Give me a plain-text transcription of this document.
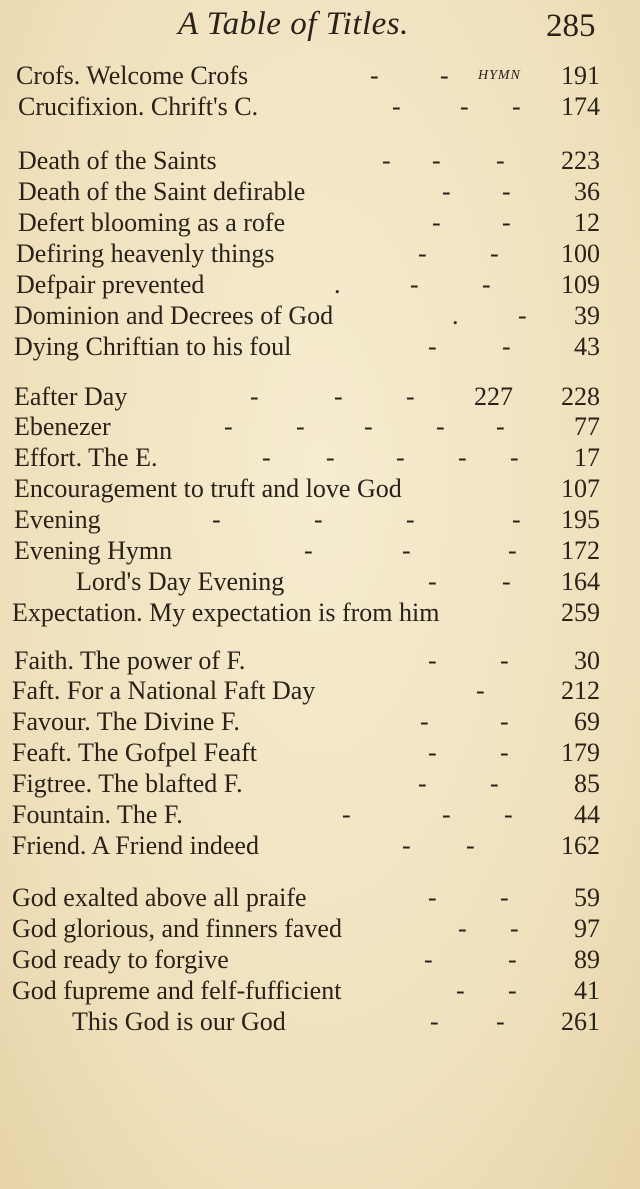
A Table of Titles.	285
Crofs. Welcome Crofs	- - HYMN 191
Crucifixion. Chrift's C.	- - - 174
Death of the Saints	- - - 223
Death of the Saint defirable	- - 36
Defert blooming as a rofe	- - 12
Defiring heavenly things	- - 100
Defpair prevented	.	- -	109
Dominion and Decrees of God	. - 39
Dying Chriftian to his foul	-	- 43
Eafter Day	-	- - 227 228
Ebenezer	- - - - -	77
Effort. The E.	- - - - - 17
Encouragement to truft and love God	107
Evening	-	-	-	- 195
Evening Hymn	-	-	- 172
Lord's Day Evening	-	- 164
Expectation. My expectation is from him	259
Faith. The power of F.	- -	30
Faft. For a National Faft Day	-	212
Favour. The Divine F.	-	-	69
Feaft. The Gofpel Feaft	- - 179
Figtree. The blafted F.	- -	85
Fountain. The F.	-	- - 44
Friend. A Friend indeed	- -	162
God exalted above all praife	- -	59
God glorious, and finners faved	- - 97
God ready to forgive	-	- 89
God fupreme and felf-fufficient	- - 41
This God is our God	- - 261
